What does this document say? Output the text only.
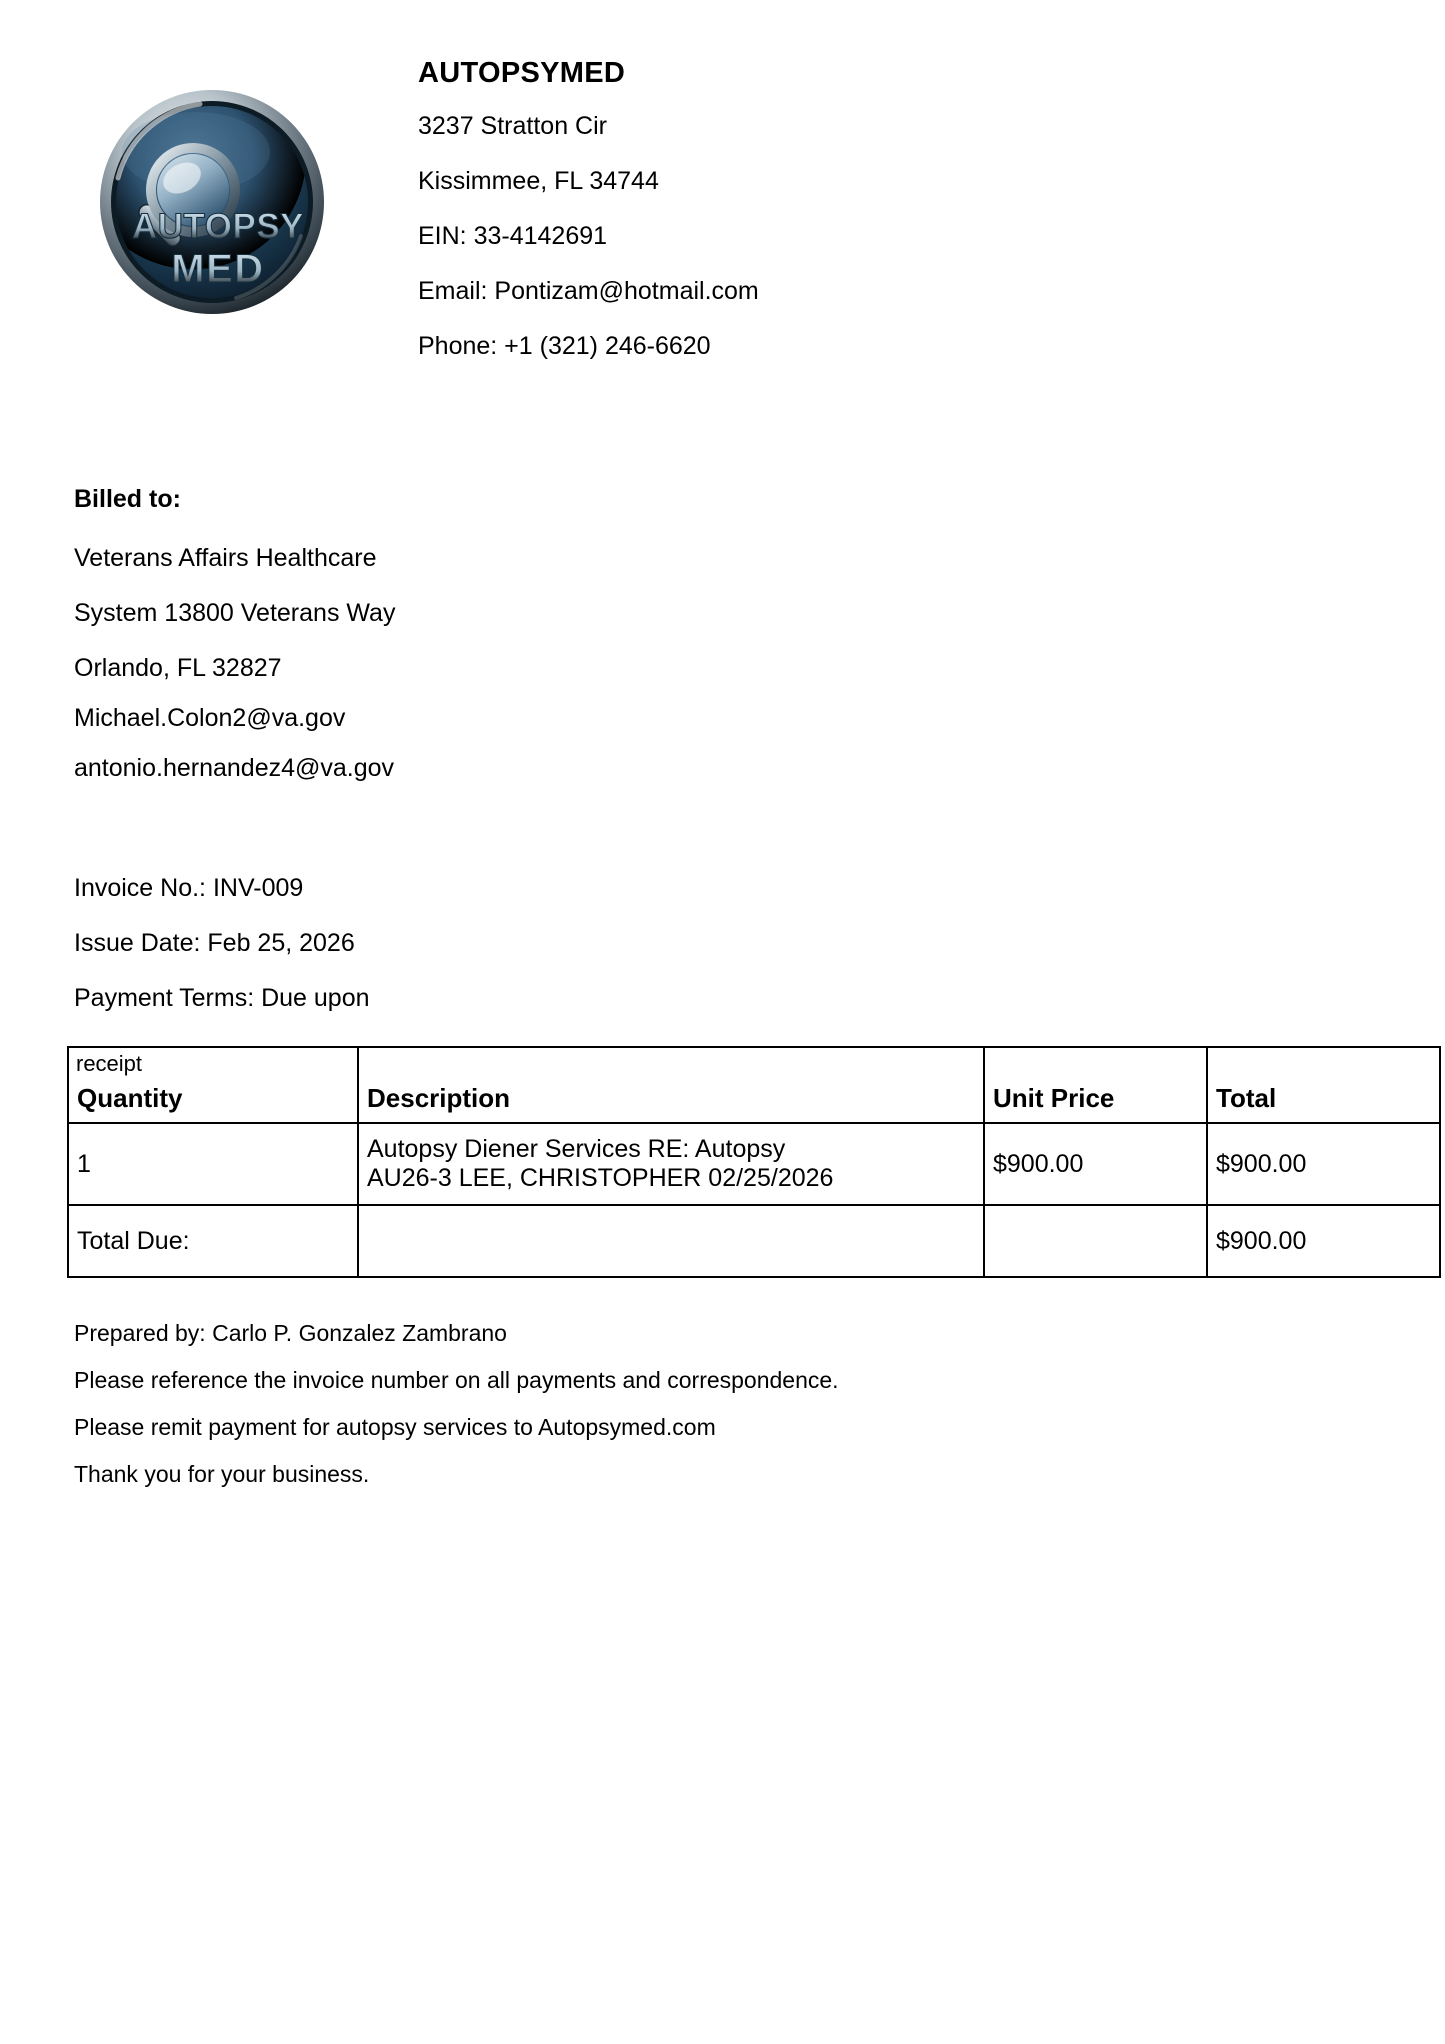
AUTOPSY
MED
AUTOPSYMED
3237 Stratton Cir
Kissimmee, FL 34744
EIN: 33-4142691
Email: Pontizam@hotmail.com
Phone: +1 (321) 246-6620
Billed to:
Veterans Affairs Healthcare
System 13800 Veterans Way
Orlando, FL 32827
Michael.Colon2@va.gov
antonio.hernandez4@va.gov
Invoice No.: INV-009
Issue Date: Feb 25, 2026
Payment Terms: Due upon
receipt
Quantity	Description	Unit Price	Total
1	Autopsy Diener Services RE: Autopsy
AU26-3 LEE, CHRISTOPHER 02/25/2026	$900.00	$900.00
Total Due:			$900.00
Prepared by: Carlo P. Gonzalez Zambrano
Please reference the invoice number on all payments and correspondence.
Please remit payment for autopsy services to Autopsymed.com
Thank you for your business.
